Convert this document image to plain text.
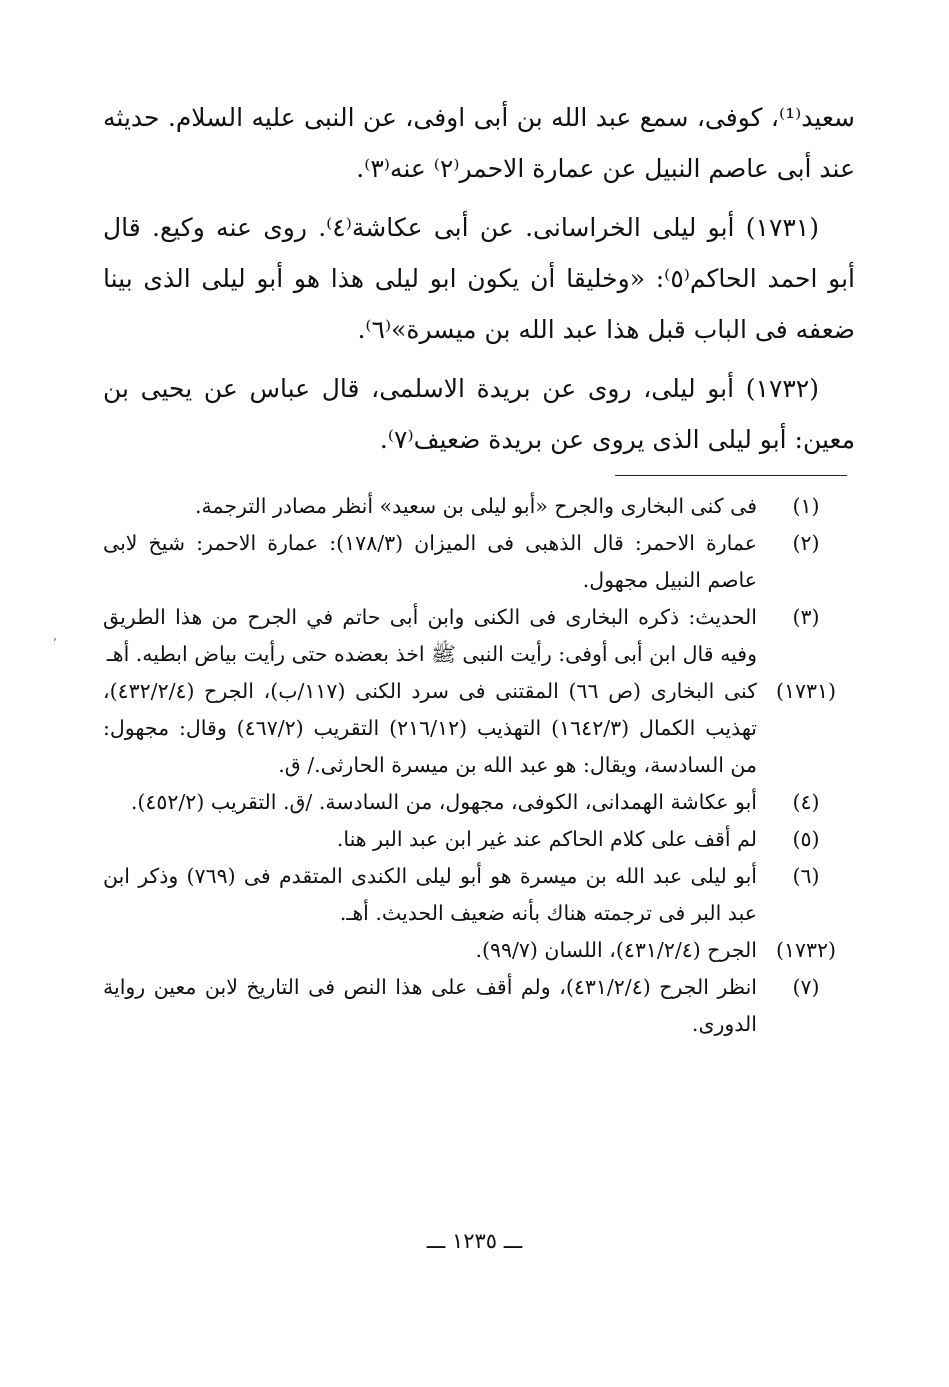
سعيد⁽¹⁾، كوفى، سمع عبد الله بن أبى اوفى، عن النبى عليه السلام. حديثه عند أبى عاصم النبيل عن عمارة الاحمر⁽٢⁾ عنه⁽٣⁾.

(١٧٣١) أبو ليلى الخراسانى. عن أبى عكاشة⁽٤⁾. روى عنه وكيع. قال أبو احمد الحاكم⁽٥⁾: «وخليقا أن يكون ابو ليلى هذا هو أبو ليلى الذى بينا ضعفه فى الباب قبل هذا عبد الله بن ميسرة»⁽٦⁾.

(١٧٣٢) أبو ليلى، روى عن بريدة الاسلمى، قال عباس عن يحيى بن معين: أبو ليلى الذى يروى عن بريدة ضعيف⁽٧⁾.

(١)
فى كنى البخارى والجرح «أبو ليلى بن سعيد» أنظر مصادر الترجمة.
(٢)
عمارة الاحمر: قال الذهبى فى الميزان (١٧٨/٣): عمارة الاحمر: شيخ لابى عاصم النبيل مجهول.
(٣)
الحديث: ذكره البخارى فى الكنى وابن أبى حاتم في الجرح من هذا الطريق وفيه قال ابن أبى أوفى: رأيت النبى ﷺ اخذ بعضده حتى رأيت بياض ابطيه. أهـ
(١٧٣١)
كنى البخارى (ص ٦٦) المقتنى فى سرد الكنى (١١٧/ب)، الجرح (٤٣٢/٢/٤)، تهذيب الكمال (١٦٤٢/٣) التهذيب (٢١٦/١٢) التقريب (٤٦٧/٢) وقال: مجهول: من السادسة، ويقال: هو عبد الله بن ميسرة الحارثى./ ق.
(٤)
أبو عكاشة الهمدانى، الكوفى، مجهول، من السادسة. /ق. التقريب (٤٥٢/٢).
(٥)
لم أقف على كلام الحاكم عند غير ابن عبد البر هنا.
(٦)
أبو ليلى عبد الله بن ميسرة هو أبو ليلى الكندى المتقدم فى (٧٦٩) وذكر ابن عبد البر فى ترجمته هناك بأنه ضعيف الحديث. أهـ.
(١٧٣٢)
الجرح (٤٣١/٢/٤)، اللسان (٩٩/٧).
(٧)
انظر الجرح (٤٣١/٢/٤)، ولم أقف على هذا النص فى التاريخ لابن معين رواية الدورى.
ـــ ١٢٣٥ ـــ
٬
